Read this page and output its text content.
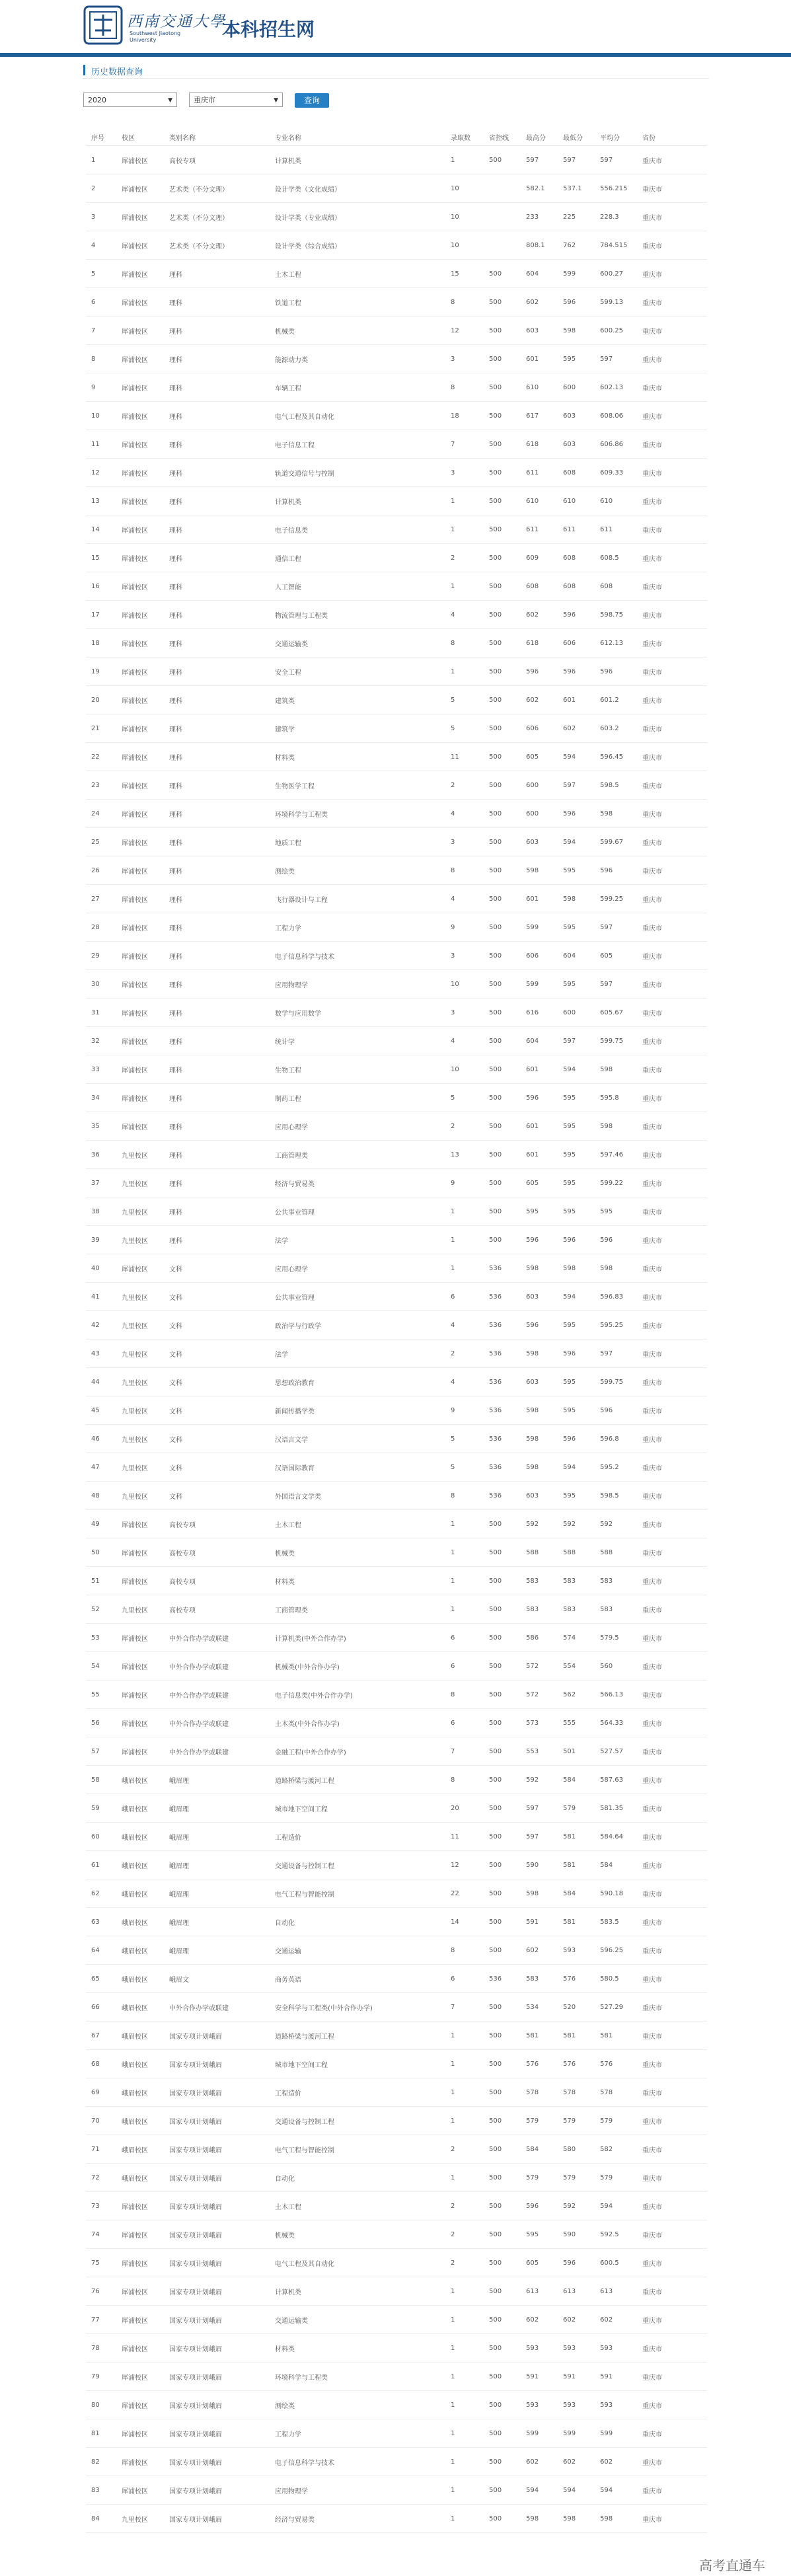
西南交通大學
Southwest Jiaotong
University	本科招生网
历史数据查询
2020	▼	重庆市	▼	查询
序号	校区	类别名称	专业名称	录取数	省控线	最高分	最低分	平均分	省份
1	犀浦校区	高校专项	计算机类	1	500	597	597	597	重庆市
2	犀浦校区	艺术类（不分文理）	设计学类（文化成绩）	10		582.1	537.1	556.215	重庆市
3	犀浦校区	艺术类（不分文理）	设计学类（专业成绩）	10		233	225	228.3	重庆市
4	犀浦校区	艺术类（不分文理）	设计学类（综合成绩）	10		808.1	762	784.515	重庆市
5	犀浦校区	理科	土木工程	15	500	604	599	600.27	重庆市
6	犀浦校区	理科	铁道工程	8	500	602	596	599.13	重庆市
7	犀浦校区	理科	机械类	12	500	603	598	600.25	重庆市
8	犀浦校区	理科	能源动力类	3	500	601	595	597	重庆市
9	犀浦校区	理科	车辆工程	8	500	610	600	602.13	重庆市
10	犀浦校区	理科	电气工程及其自动化	18	500	617	603	608.06	重庆市
11	犀浦校区	理科	电子信息工程	7	500	618	603	606.86	重庆市
12	犀浦校区	理科	轨道交通信号与控制	3	500	611	608	609.33	重庆市
13	犀浦校区	理科	计算机类	1	500	610	610	610	重庆市
14	犀浦校区	理科	电子信息类	1	500	611	611	611	重庆市
15	犀浦校区	理科	通信工程	2	500	609	608	608.5	重庆市
16	犀浦校区	理科	人工智能	1	500	608	608	608	重庆市
17	犀浦校区	理科	物流管理与工程类	4	500	602	596	598.75	重庆市
18	犀浦校区	理科	交通运输类	8	500	618	606	612.13	重庆市
19	犀浦校区	理科	安全工程	1	500	596	596	596	重庆市
20	犀浦校区	理科	建筑类	5	500	602	601	601.2	重庆市
21	犀浦校区	理科	建筑学	5	500	606	602	603.2	重庆市
22	犀浦校区	理科	材料类	11	500	605	594	596.45	重庆市
23	犀浦校区	理科	生物医学工程	2	500	600	597	598.5	重庆市
24	犀浦校区	理科	环境科学与工程类	4	500	600	596	598	重庆市
25	犀浦校区	理科	地质工程	3	500	603	594	599.67	重庆市
26	犀浦校区	理科	测绘类	8	500	598	595	596	重庆市
27	犀浦校区	理科	飞行器设计与工程	4	500	601	598	599.25	重庆市
28	犀浦校区	理科	工程力学	9	500	599	595	597	重庆市
29	犀浦校区	理科	电子信息科学与技术	3	500	606	604	605	重庆市
30	犀浦校区	理科	应用物理学	10	500	599	595	597	重庆市
31	犀浦校区	理科	数学与应用数学	3	500	616	600	605.67	重庆市
32	犀浦校区	理科	统计学	4	500	604	597	599.75	重庆市
33	犀浦校区	理科	生物工程	10	500	601	594	598	重庆市
34	犀浦校区	理科	制药工程	5	500	596	595	595.8	重庆市
35	犀浦校区	理科	应用心理学	2	500	601	595	598	重庆市
36	九里校区	理科	工商管理类	13	500	601	595	597.46	重庆市
37	九里校区	理科	经济与贸易类	9	500	605	595	599.22	重庆市
38	九里校区	理科	公共事业管理	1	500	595	595	595	重庆市
39	九里校区	理科	法学	1	500	596	596	596	重庆市
40	犀浦校区	文科	应用心理学	1	536	598	598	598	重庆市
41	九里校区	文科	公共事业管理	6	536	603	594	596.83	重庆市
42	九里校区	文科	政治学与行政学	4	536	596	595	595.25	重庆市
43	九里校区	文科	法学	2	536	598	596	597	重庆市
44	九里校区	文科	思想政治教育	4	536	603	595	599.75	重庆市
45	九里校区	文科	新闻传播学类	9	536	598	595	596	重庆市
46	九里校区	文科	汉语言文学	5	536	598	596	596.8	重庆市
47	九里校区	文科	汉语国际教育	5	536	598	594	595.2	重庆市
48	九里校区	文科	外国语言文学类	8	536	603	595	598.5	重庆市
49	犀浦校区	高校专项	土木工程	1	500	592	592	592	重庆市
50	犀浦校区	高校专项	机械类	1	500	588	588	588	重庆市
51	犀浦校区	高校专项	材料类	1	500	583	583	583	重庆市
52	九里校区	高校专项	工商管理类	1	500	583	583	583	重庆市
53	犀浦校区	中外合作办学或联建	计算机类(中外合作办学)	6	500	586	574	579.5	重庆市
54	犀浦校区	中外合作办学或联建	机械类(中外合作办学)	6	500	572	554	560	重庆市
55	犀浦校区	中外合作办学或联建	电子信息类(中外合作办学)	8	500	572	562	566.13	重庆市
56	犀浦校区	中外合作办学或联建	土木类(中外合作办学)	6	500	573	555	564.33	重庆市
57	犀浦校区	中外合作办学或联建	金融工程(中外合作办学)	7	500	553	501	527.57	重庆市
58	峨眉校区	峨眉理	道路桥梁与渡河工程	8	500	592	584	587.63	重庆市
59	峨眉校区	峨眉理	城市地下空间工程	20	500	597	579	581.35	重庆市
60	峨眉校区	峨眉理	工程造价	11	500	597	581	584.64	重庆市
61	峨眉校区	峨眉理	交通设备与控制工程	12	500	590	581	584	重庆市
62	峨眉校区	峨眉理	电气工程与智能控制	22	500	598	584	590.18	重庆市
63	峨眉校区	峨眉理	自动化	14	500	591	581	583.5	重庆市
64	峨眉校区	峨眉理	交通运输	8	500	602	593	596.25	重庆市
65	峨眉校区	峨眉文	商务英语	6	536	583	576	580.5	重庆市
66	峨眉校区	中外合作办学或联建	安全科学与工程类(中外合作办学)	7	500	534	520	527.29	重庆市
67	峨眉校区	国家专项计划峨眉	道路桥梁与渡河工程	1	500	581	581	581	重庆市
68	峨眉校区	国家专项计划峨眉	城市地下空间工程	1	500	576	576	576	重庆市
69	峨眉校区	国家专项计划峨眉	工程造价	1	500	578	578	578	重庆市
70	峨眉校区	国家专项计划峨眉	交通设备与控制工程	1	500	579	579	579	重庆市
71	峨眉校区	国家专项计划峨眉	电气工程与智能控制	2	500	584	580	582	重庆市
72	峨眉校区	国家专项计划峨眉	自动化	1	500	579	579	579	重庆市
73	犀浦校区	国家专项计划峨眉	土木工程	2	500	596	592	594	重庆市
74	犀浦校区	国家专项计划峨眉	机械类	2	500	595	590	592.5	重庆市
75	犀浦校区	国家专项计划峨眉	电气工程及其自动化	2	500	605	596	600.5	重庆市
76	犀浦校区	国家专项计划峨眉	计算机类	1	500	613	613	613	重庆市
77	犀浦校区	国家专项计划峨眉	交通运输类	1	500	602	602	602	重庆市
78	犀浦校区	国家专项计划峨眉	材料类	1	500	593	593	593	重庆市
79	犀浦校区	国家专项计划峨眉	环境科学与工程类	1	500	591	591	591	重庆市
80	犀浦校区	国家专项计划峨眉	测绘类	1	500	593	593	593	重庆市
81	犀浦校区	国家专项计划峨眉	工程力学	1	500	599	599	599	重庆市
82	犀浦校区	国家专项计划峨眉	电子信息科学与技术	1	500	602	602	602	重庆市
83	犀浦校区	国家专项计划峨眉	应用物理学	1	500	594	594	594	重庆市
84	九里校区	国家专项计划峨眉	经济与贸易类	1	500	598	598	598	重庆市
高考直通车
